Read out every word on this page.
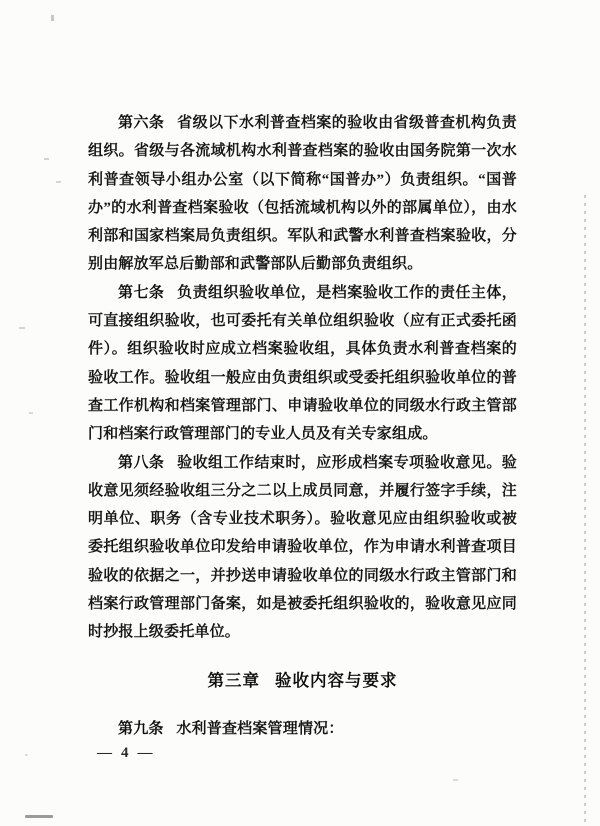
第六条 省级以下水利普查档案的验收由省级普查机构负责组织。省级与各流域机构水利普查档案的验收由国务院第一次水利普查领导小组办公室（以下简称“国普办”）负责组织。“国普办”的水利普查档案验收（包括流域机构以外的部属单位），由水利部和国家档案局负责组织。军队和武警水利普查档案验收，分别由解放军总后勤部和武警部队后勤部负责组织。

第七条 负责组织验收单位，是档案验收工作的责任主体，可直接组织验收，也可委托有关单位组织验收（应有正式委托函件）。组织验收时应成立档案验收组，具体负责水利普查档案的验收工作。验收组一般应由负责组织或受委托组织验收单位的普查工作机构和档案管理部门、申请验收单位的同级水行政主管部门和档案行政管理部门的专业人员及有关专家组成。

第八条 验收组工作结束时，应形成档案专项验收意见。验收意见须经验收组三分之二以上成员同意，并履行签字手续，注明单位、职务（含专业技术职务）。验收意见应由组织验收或被委托组织验收单位印发给申请验收单位，作为申请水利普查项目验收的依据之一，并抄送申请验收单位的同级水行政主管部门和档案行政管理部门备案，如是被委托组织验收的，验收意见应同时抄报上级委托单位。

第三章 验收内容与要求

第九条 水利普查档案管理情况：

— 4 —
